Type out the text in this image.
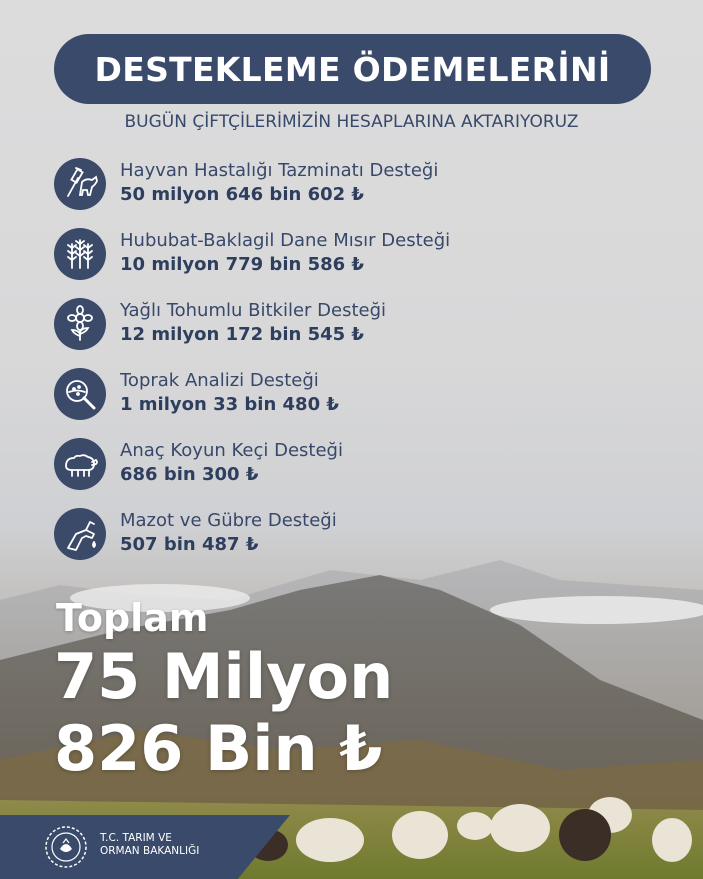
DESTEKLEME ÖDEMELERİNİ
BUGÜN ÇİFTÇİLERİMİZİN HESAPLARINA AKTARIYORUZ
Hayvan Hastalığı Tazminatı Desteği
50 milyon 646 bin 602 ₺
Hububat-Baklagil Dane Mısır Desteği
10 milyon 779 bin 586 ₺
Yağlı Tohumlu Bitkiler Desteği
12 milyon 172 bin 545 ₺
Toprak Analizi Desteği
1 milyon 33 bin 480 ₺
Anaç Koyun Keçi Desteği
686 bin 300 ₺
Mazot ve Gübre Desteği
507 bin 487 ₺
Toplam
75 Milyon
826 Bin ₺
T.C. TARIM VE
ORMAN BAKANLIĞI
